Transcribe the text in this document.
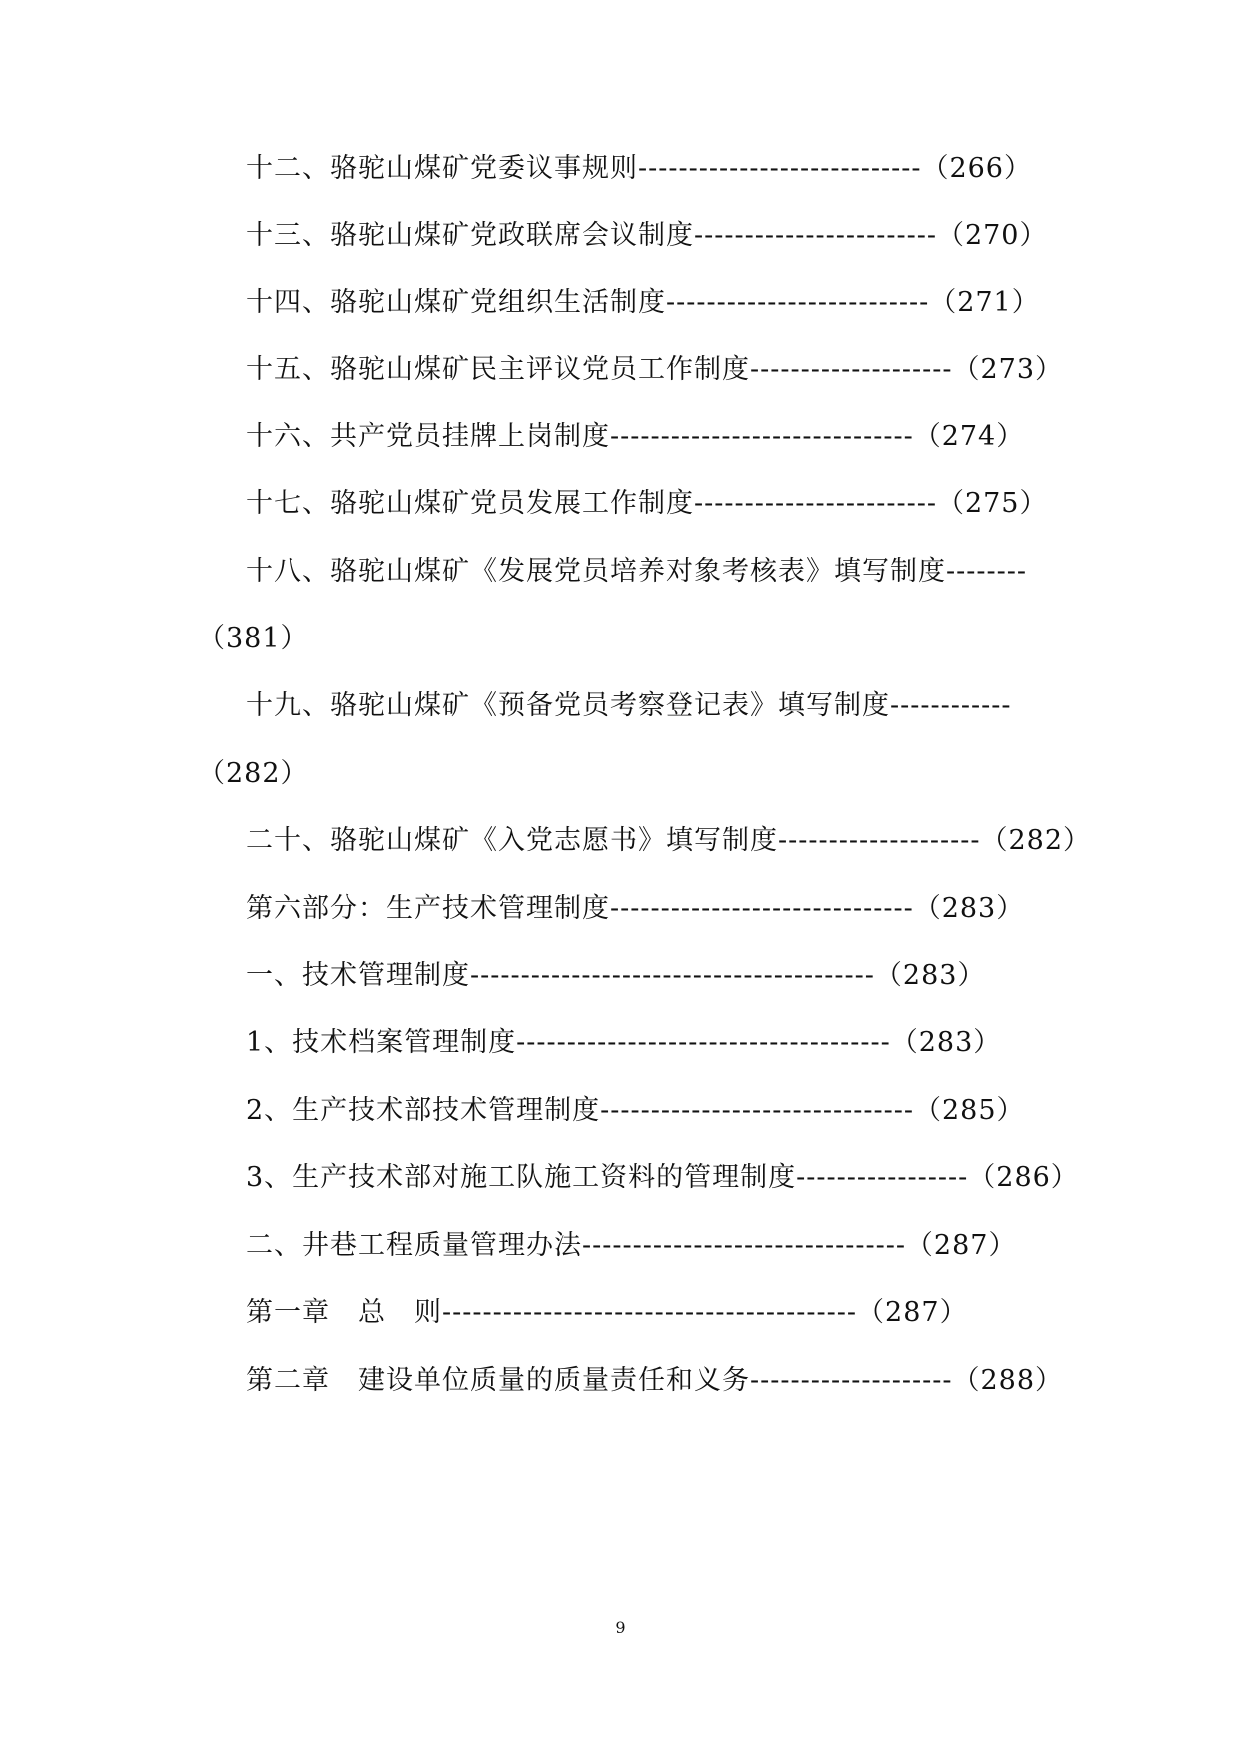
十二、骆驼山煤矿党委议事规则----------------------------（266）
十三、骆驼山煤矿党政联席会议制度------------------------（270）
十四、骆驼山煤矿党组织生活制度--------------------------（271）
十五、骆驼山煤矿民主评议党员工作制度--------------------（273）
十六、共产党员挂牌上岗制度------------------------------（274）
十七、骆驼山煤矿党员发展工作制度------------------------（275）
十八、骆驼山煤矿《发展党员培养对象考核表》填写制度--------
（381）
十九、骆驼山煤矿《预备党员考察登记表》填写制度------------
（282）
二十、骆驼山煤矿《入党志愿书》填写制度--------------------（282）
第六部分：生产技术管理制度------------------------------（283）
一、技术管理制度----------------------------------------（283）
1、技术档案管理制度-------------------------------------（283）
2、生产技术部技术管理制度-------------------------------（285）
3、生产技术部对施工队施工资料的管理制度-----------------（286）
二、井巷工程质量管理办法--------------------------------（287）
第一章　总　则-----------------------------------------（287）
第二章　建设单位质量的质量责任和义务--------------------（288）
9
